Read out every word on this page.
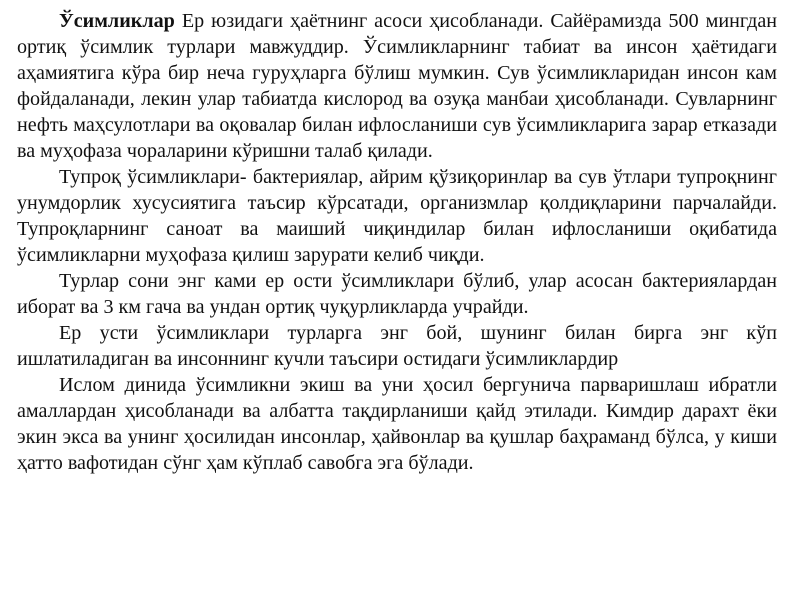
Ўсимликлар Ер юзидаги ҳаётнинг асоси ҳисобланади. Сайёрамизда 500 мингдан ортиқ ўсимлик турлари мавжуддир. Ўсимликларнинг табиат ва инсон ҳаётидаги аҳамиятига кўра бир неча гуруҳларга бўлиш мумкин. Сув ўсимликларидан инсон кам фойдаланади, лекин улар табиатда кислород ва озуқа манбаи ҳисобланади. Сувларнинг нефть маҳсулотлари ва оқовалар билан ифлосланиши сув ўсимликларига зарар етказади ва муҳофаза чораларини кўришни талаб қилади.

Тупроқ ўсимликлари- бактериялар, айрим қўзиқоринлар ва сув ўтлари тупроқнинг унумдорлик хусусиятига таъсир кўрсатади, организмлар қолдиқларини парчалайди. Тупроқларнинг саноат ва маиший чиқиндилар билан ифлосланиши оқибатида ўсимликларни муҳофаза қилиш зарурати келиб чиқди.

Турлар сони энг ками ер ости ўсимликлари бўлиб, улар асосан бактериялардан иборат ва 3 км гача ва ундан ортиқ чуқурликларда учрайди.

Ер усти ўсимликлари турларга энг бой, шунинг билан бирга энг кўп ишлатиладиган ва инсоннинг кучли таъсири остидаги ўсимликлардир

Ислом динида ўсимликни экиш ва уни ҳосил бергунича парваришлаш ибратли амаллардан ҳисобланади ва албатта тақдирланиши қайд этилади. Кимдир дарахт ёки экин экса ва унинг ҳосилидан инсонлар, ҳайвонлар ва қушлар баҳраманд бўлса, у киши ҳатто вафотидан сўнг ҳам кўплаб савобга эга бўлади.
